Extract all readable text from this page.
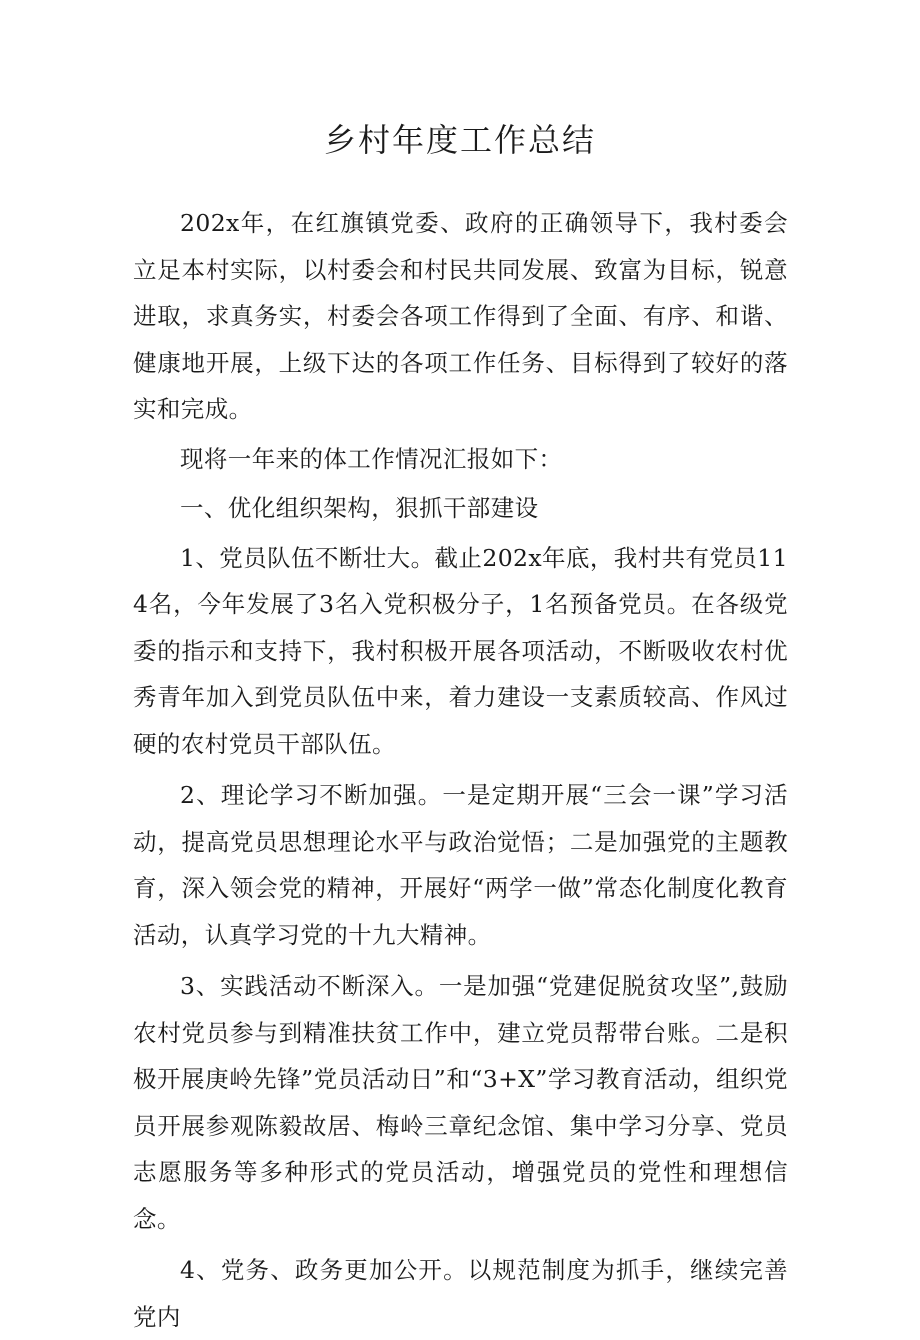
乡村年度工作总结

202x年，在红旗镇党委、政府的正确领导下，我村委会立足本村实际，以村委会和村民共同发展、致富为目标，锐意进取，求真务实，村委会各项工作得到了全面、有序、和谐、健康地开展，上级下达的各项工作任务、目标得到了较好的落实和完成。

现将一年来的体工作情况汇报如下：

一、优化组织架构，狠抓干部建设

1、党员队伍不断壮大。截止202x年底，我村共有党员114名，今年发展了3名入党积极分子，1名预备党员。在各级党委的指示和支持下，我村积极开展各项活动，不断吸收农村优秀青年加入到党员队伍中来，着力建设一支素质较高、作风过硬的农村党员干部队伍。

2、理论学习不断加强。一是定期开展“三会一课”学习活动，提高党员思想理论水平与政治觉悟；二是加强党的主题教育，深入领会党的精神，开展好“两学一做”常态化制度化教育活动，认真学习党的十九大精神。

3、实践活动不断深入。一是加强“党建促脱贫攻坚”,鼓励农村党员参与到精准扶贫工作中，建立党员帮带台账。二是积极开展庚岭先锋”党员活动日”和“3+X”学习教育活动，组织党员开展参观陈毅故居、梅岭三章纪念馆、集中学习分享、党员志愿服务等多种形式的党员活动，增强党员的党性和理想信念。

4、党务、政务更加公开。以规范制度为抓手，继续完善党内
